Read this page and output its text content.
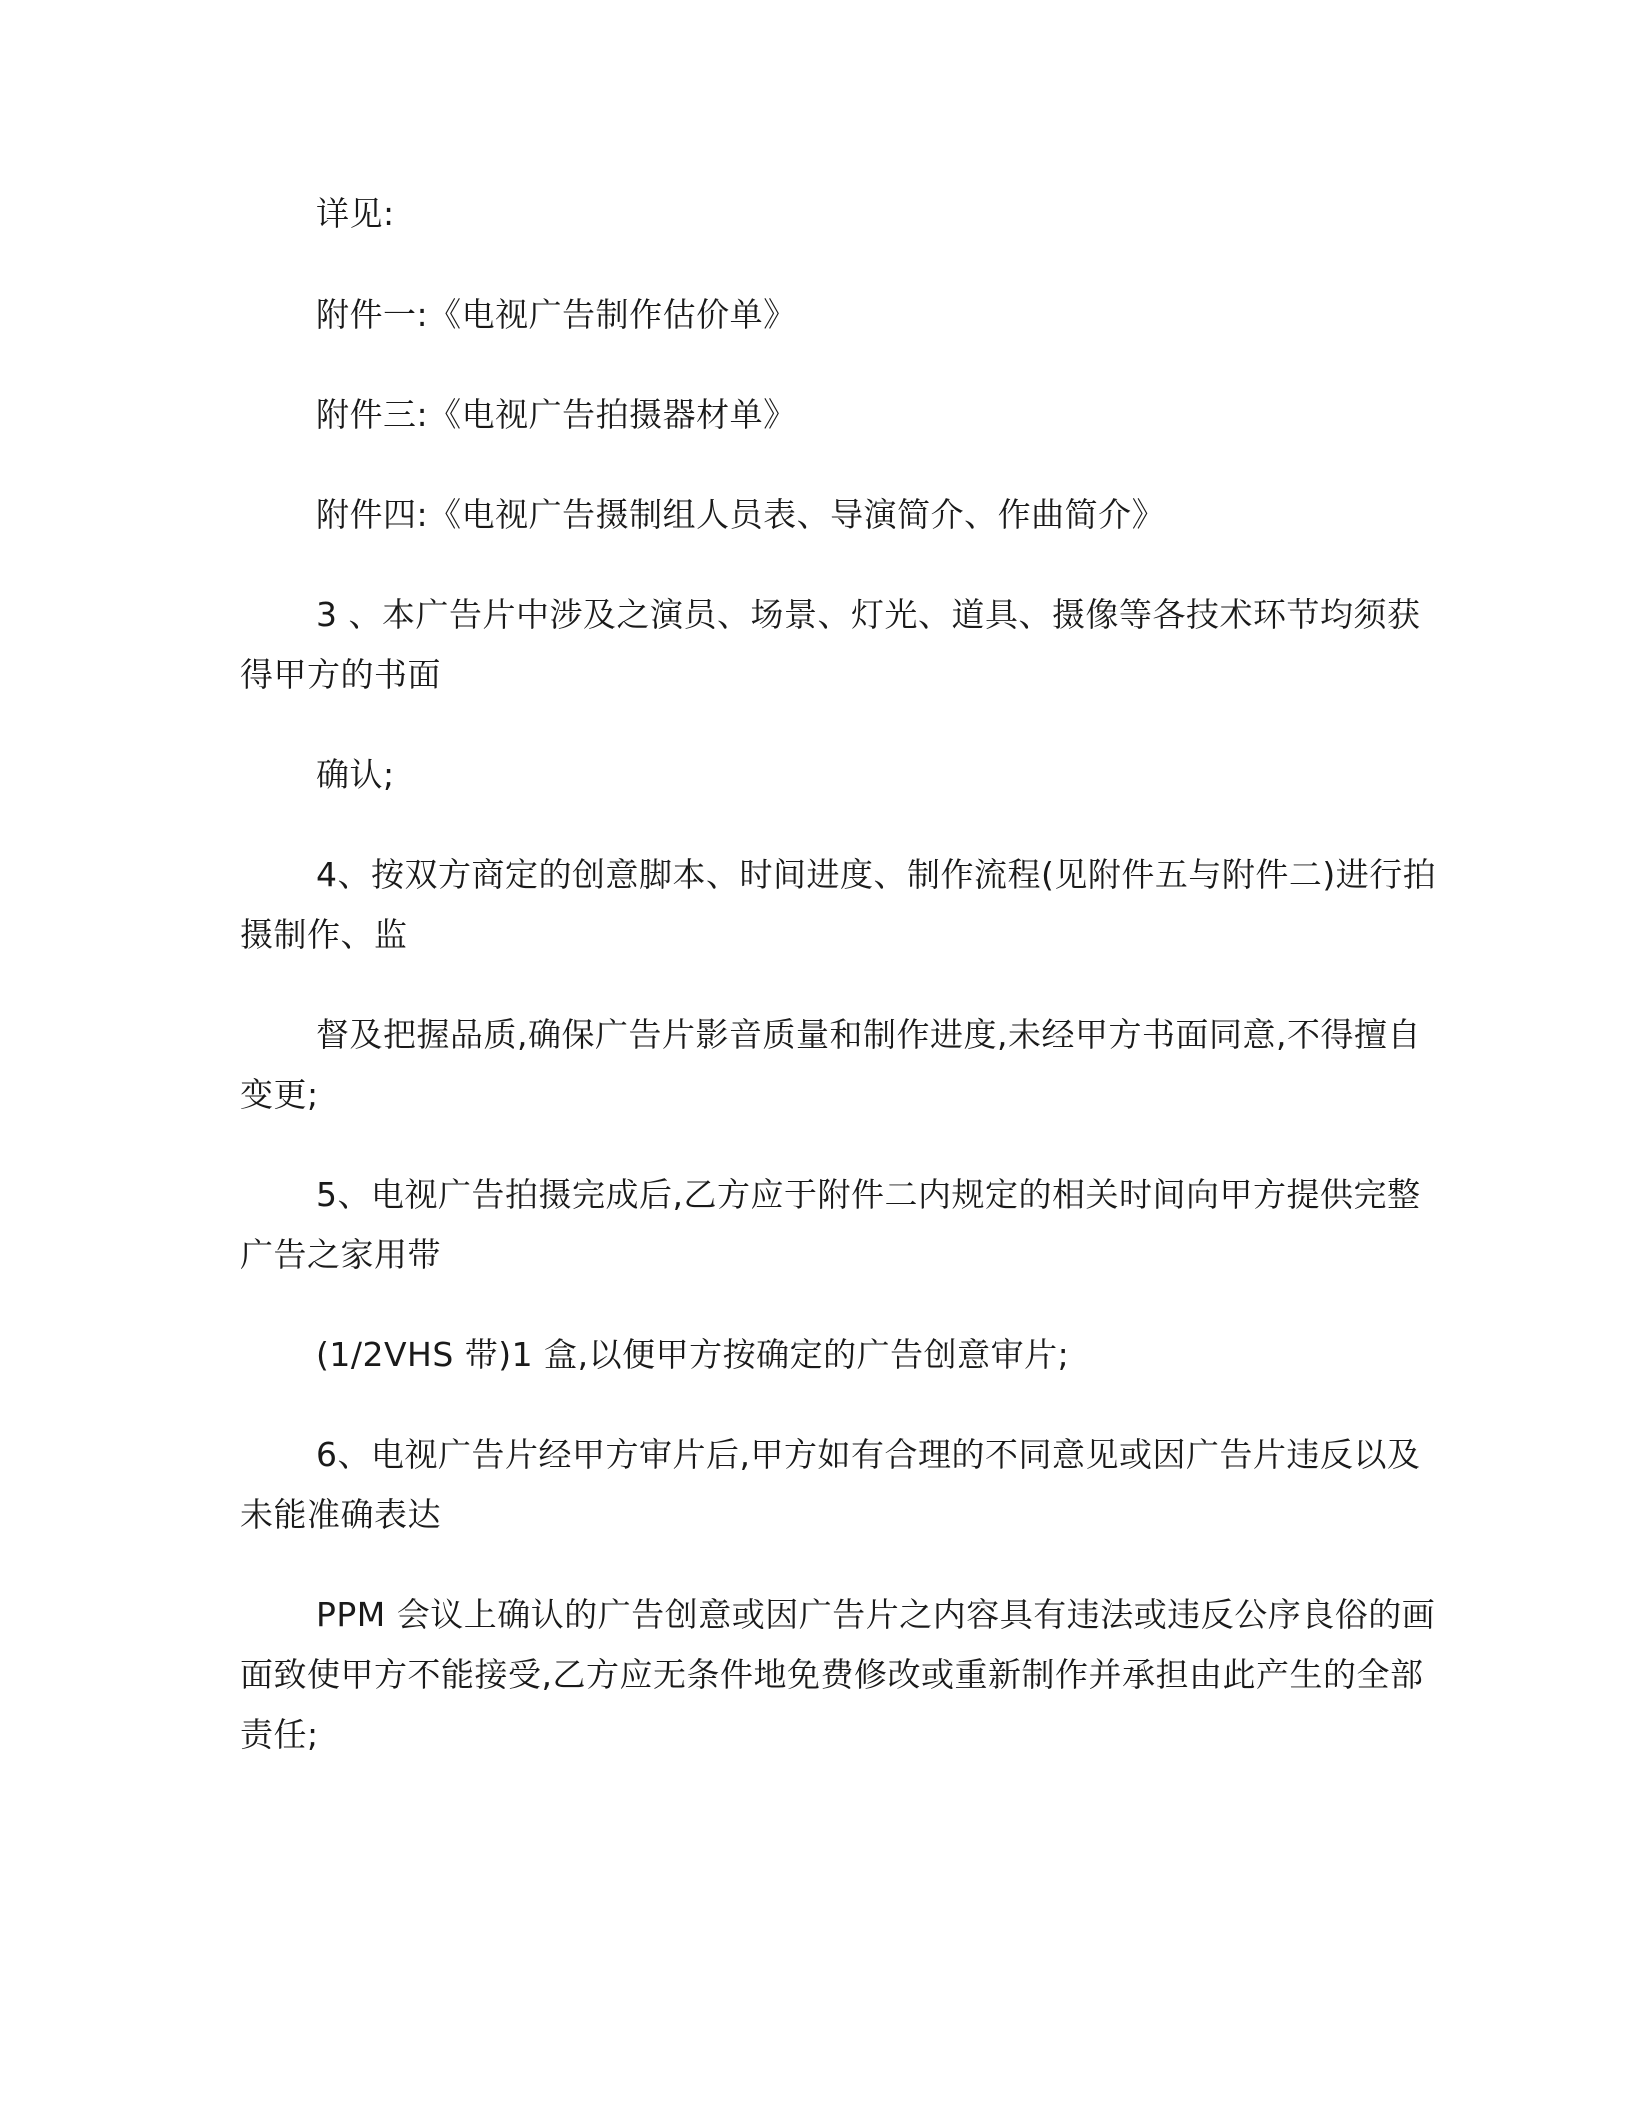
详见:
附件一:《电视广告制作估价单》
附件三:《电视广告拍摄器材单》
附件四:《电视广告摄制组人员表、导演简介、作曲简介》
3 、本广告片中涉及之演员、场景、灯光、道具、摄像等各技术环节均须获
得甲方的书面
确认;
4、按双方商定的创意脚本、时间进度、制作流程(见附件五与附件二)进行拍
摄制作、监
督及把握品质,确保广告片影音质量和制作进度,未经甲方书面同意,不得擅自
变更;
5、电视广告拍摄完成后,乙方应于附件二内规定的相关时间向甲方提供完整
广告之家用带
(1/2VHS 带)1 盒,以便甲方按确定的广告创意审片;
6、电视广告片经甲方审片后,甲方如有合理的不同意见或因广告片违反以及
未能准确表达
PPM 会议上确认的广告创意或因广告片之内容具有违法或违反公序良俗的画
面致使甲方不能接受,乙方应无条件地免费修改或重新制作并承担由此产生的全部
责任;
